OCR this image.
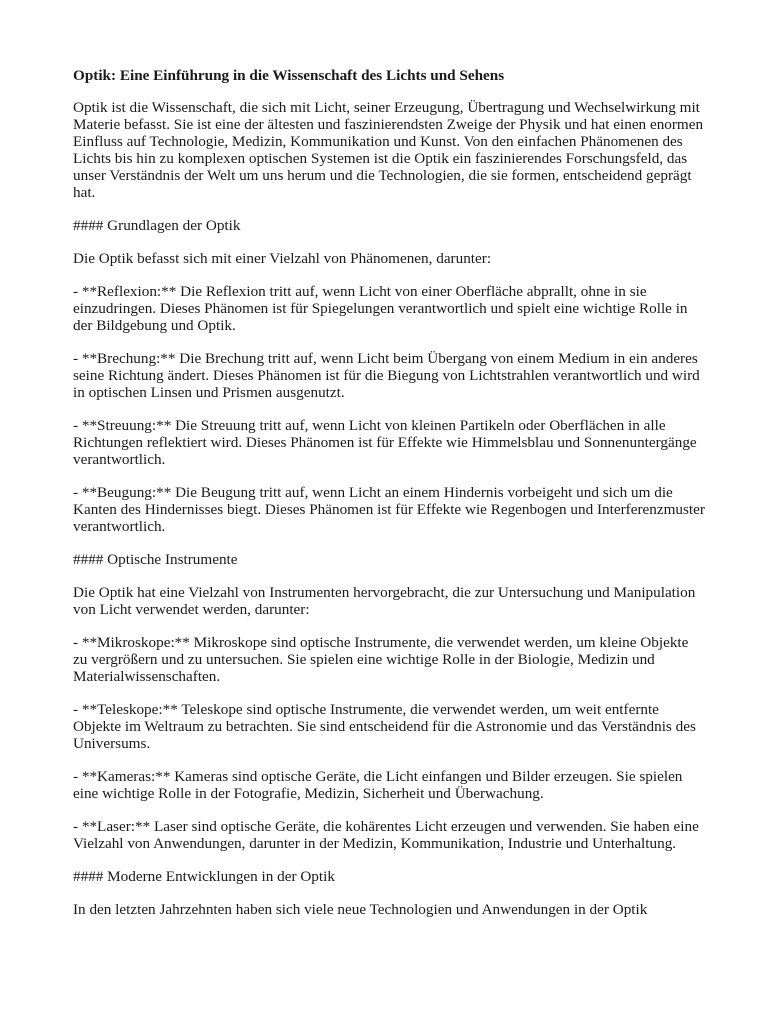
Optik: Eine Einführung in die Wissenschaft des Lichts und Sehens

Optik ist die Wissenschaft, die sich mit Licht, seiner Erzeugung, Übertragung und Wechselwirkung mit Materie befasst. Sie ist eine der ältesten und faszinierendsten Zweige der Physik und hat einen enormen Einfluss auf Technologie, Medizin, Kommunikation und Kunst. Von den einfachen Phänomenen des Lichts bis hin zu komplexen optischen Systemen ist die Optik ein faszinierendes Forschungsfeld, das unser Verständnis der Welt um uns herum und die Technologien, die sie formen, entscheidend geprägt hat.

#### Grundlagen der Optik

Die Optik befasst sich mit einer Vielzahl von Phänomenen, darunter:

- **Reflexion:** Die Reflexion tritt auf, wenn Licht von einer Oberfläche abprallt, ohne in sie einzudringen. Dieses Phänomen ist für Spiegelungen verantwortlich und spielt eine wichtige Rolle in der Bildgebung und Optik.

- **Brechung:** Die Brechung tritt auf, wenn Licht beim Übergang von einem Medium in ein anderes seine Richtung ändert. Dieses Phänomen ist für die Biegung von Lichtstrahlen verantwortlich und wird in optischen Linsen und Prismen ausgenutzt.

- **Streuung:** Die Streuung tritt auf, wenn Licht von kleinen Partikeln oder Oberflächen in alle Richtungen reflektiert wird. Dieses Phänomen ist für Effekte wie Himmelsblau und Sonnenuntergänge verantwortlich.

- **Beugung:** Die Beugung tritt auf, wenn Licht an einem Hindernis vorbeigeht und sich um die Kanten des Hindernisses biegt. Dieses Phänomen ist für Effekte wie Regenbogen und Interferenzmuster verantwortlich.

#### Optische Instrumente

Die Optik hat eine Vielzahl von Instrumenten hervorgebracht, die zur Untersuchung und Manipulation von Licht verwendet werden, darunter:

- **Mikroskope:** Mikroskope sind optische Instrumente, die verwendet werden, um kleine Objekte zu vergrößern und zu untersuchen. Sie spielen eine wichtige Rolle in der Biologie, Medizin und Materialwissenschaften.

- **Teleskope:** Teleskope sind optische Instrumente, die verwendet werden, um weit entfernte Objekte im Weltraum zu betrachten. Sie sind entscheidend für die Astronomie und das Verständnis des Universums.

- **Kameras:** Kameras sind optische Geräte, die Licht einfangen und Bilder erzeugen. Sie spielen eine wichtige Rolle in der Fotografie, Medizin, Sicherheit und Überwachung.

- **Laser:** Laser sind optische Geräte, die kohärentes Licht erzeugen und verwenden. Sie haben eine Vielzahl von Anwendungen, darunter in der Medizin, Kommunikation, Industrie und Unterhaltung.

#### Moderne Entwicklungen in der Optik

In den letzten Jahrzehnten haben sich viele neue Technologien und Anwendungen in der Optik
